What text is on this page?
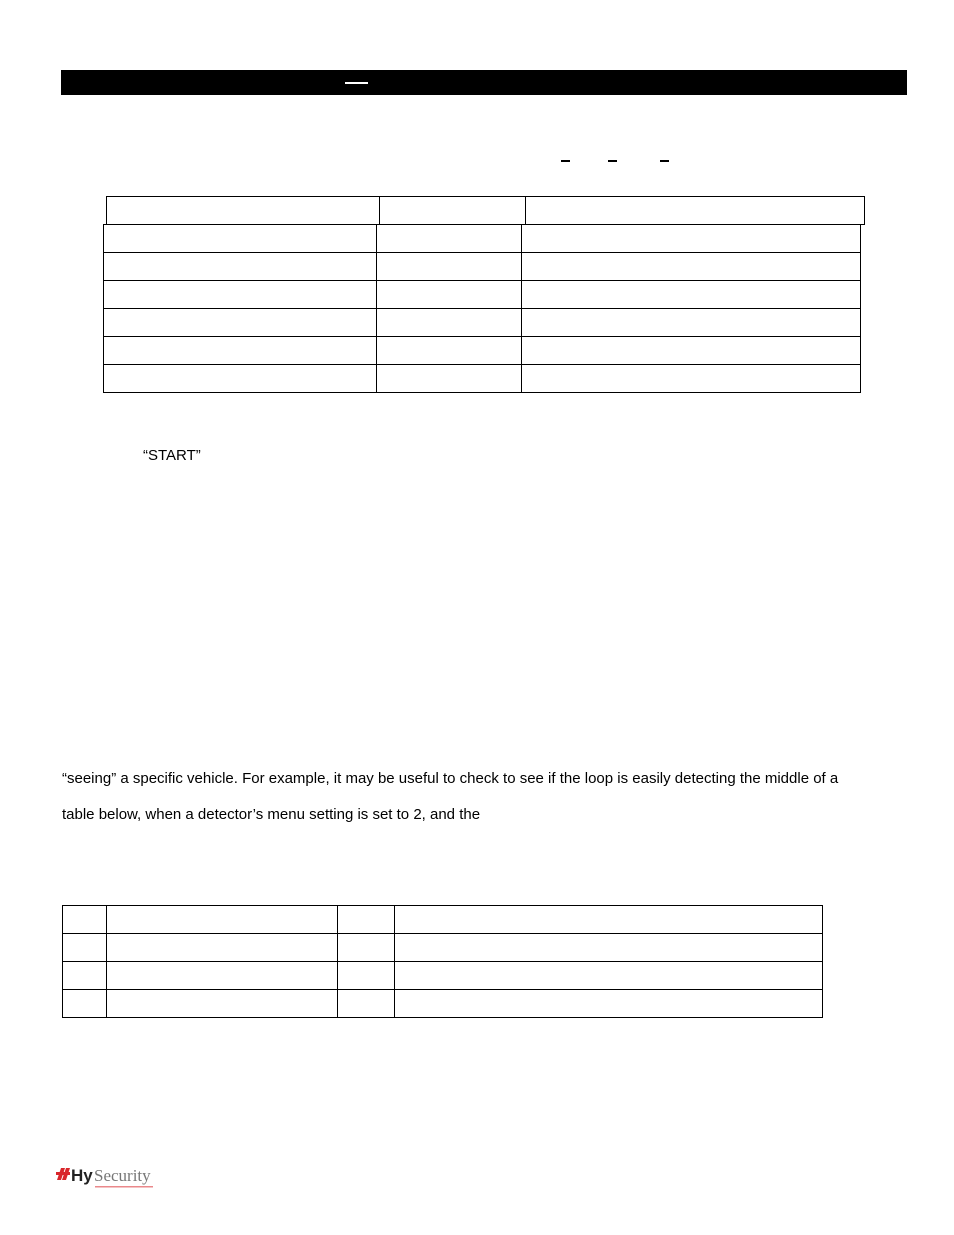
“START”
“seeing” a specific vehicle. For example, it may be useful to check to see if the loop is easily detecting the middle of a
table below, when a detector’s menu setting is set to 2, and the

Hy Security
